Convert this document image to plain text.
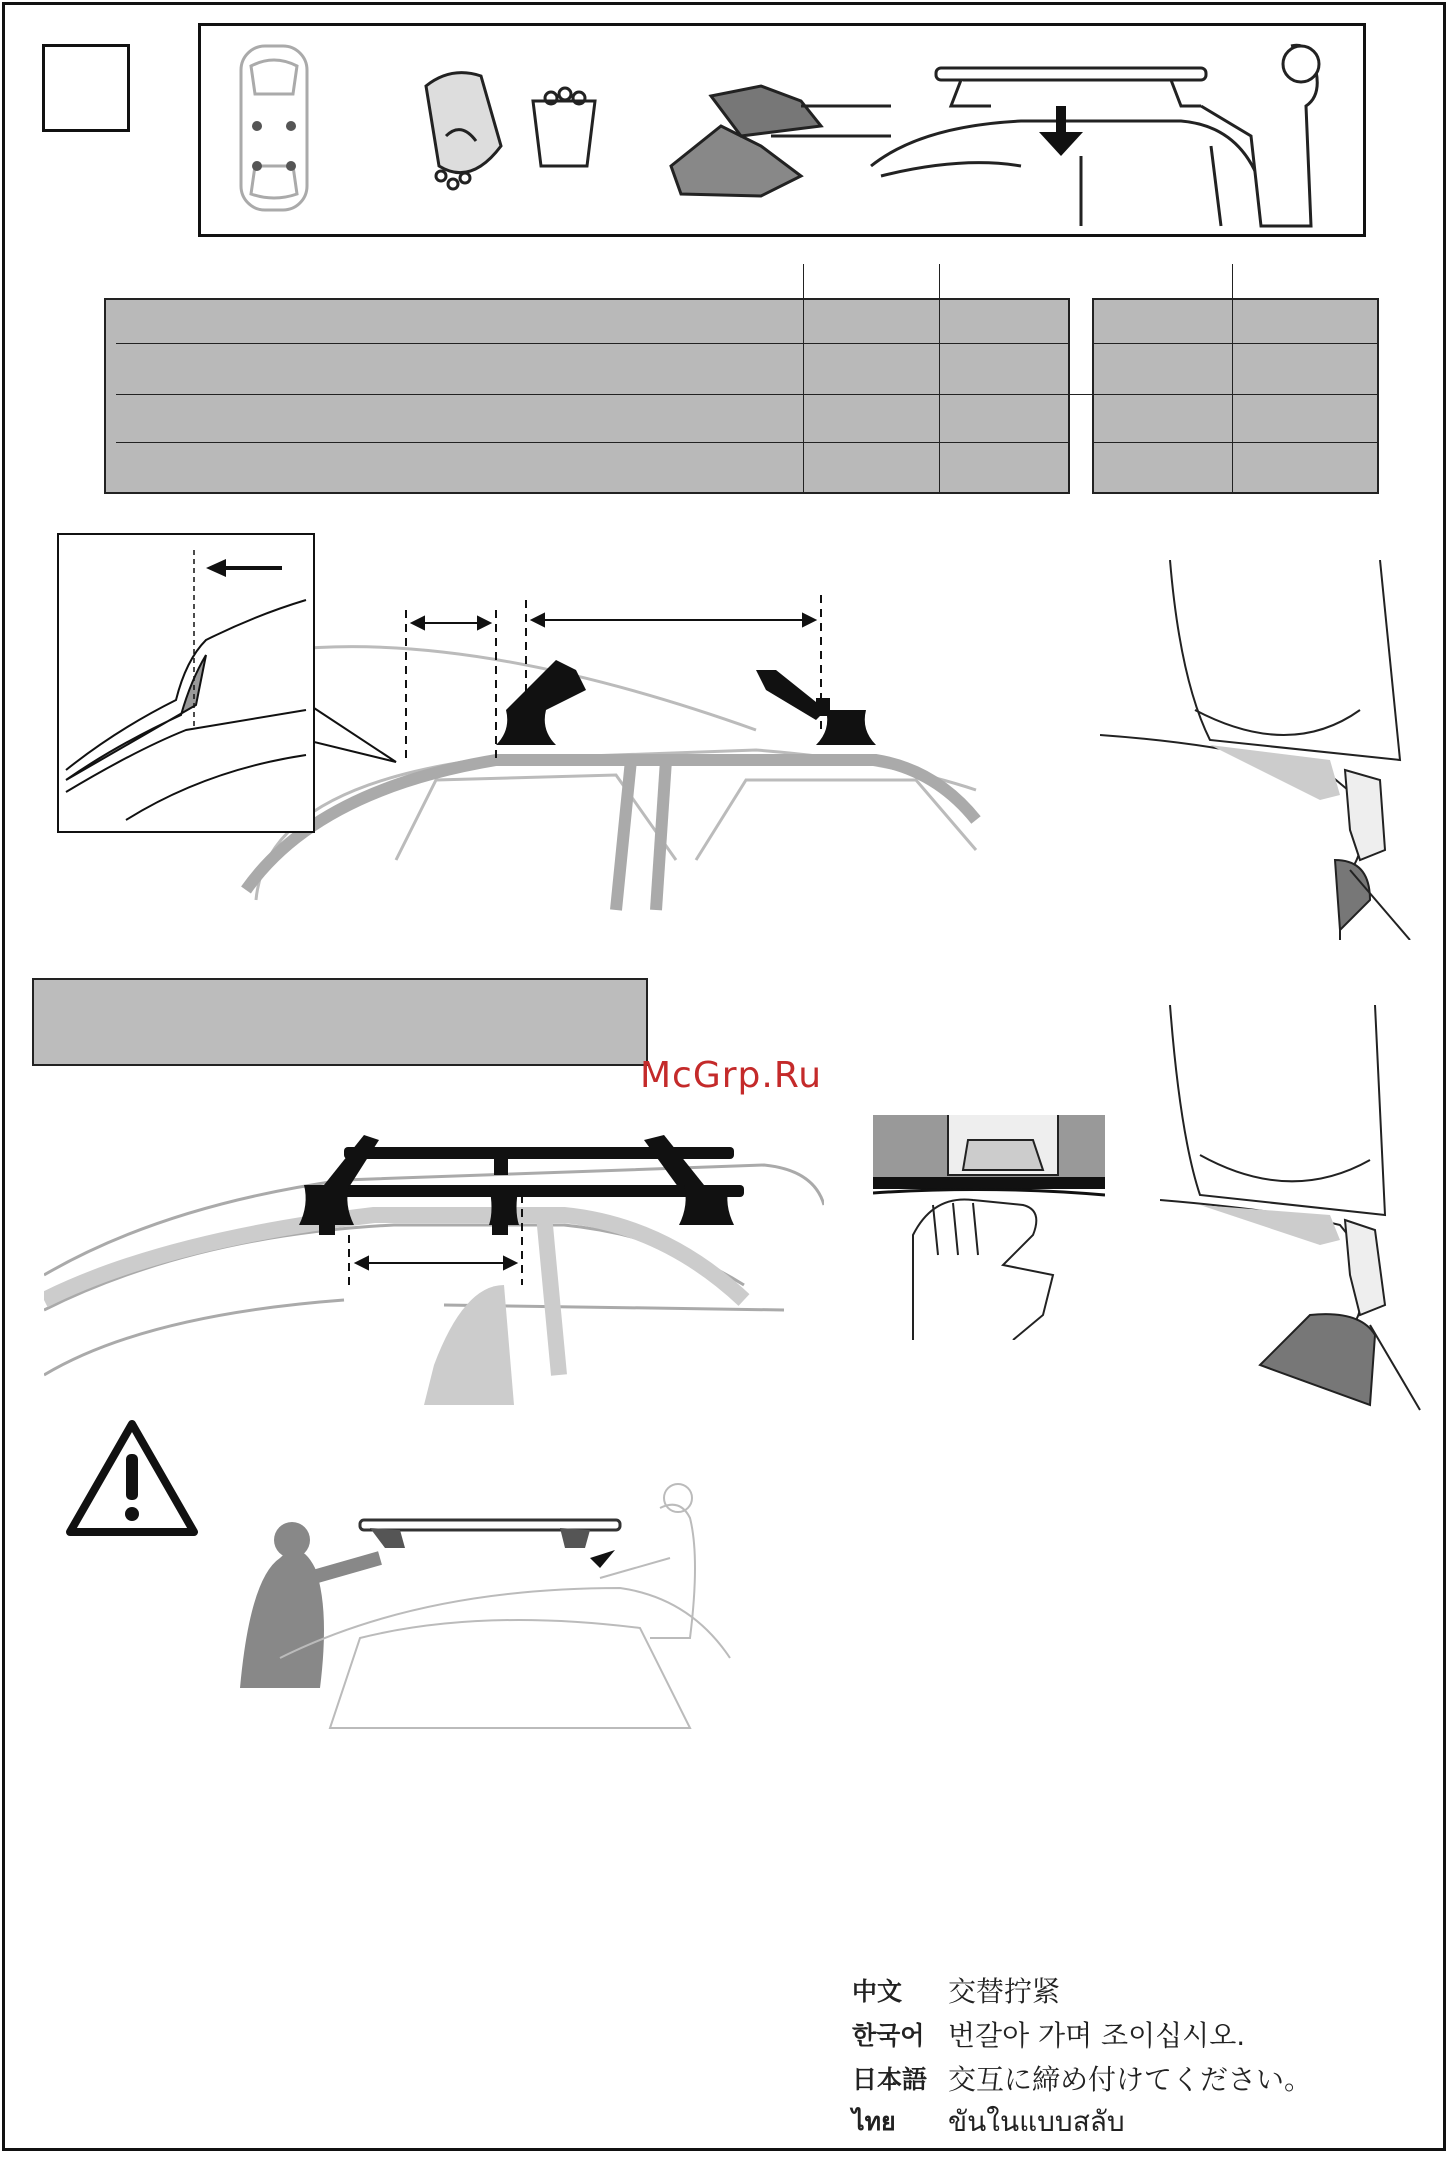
McGrp.Ru
中文	交替拧紧
한국어 번갈아 가며 조이십시오.
日本語 交互に締め付けてください。
ไทย	ขันในแบบสลับ
